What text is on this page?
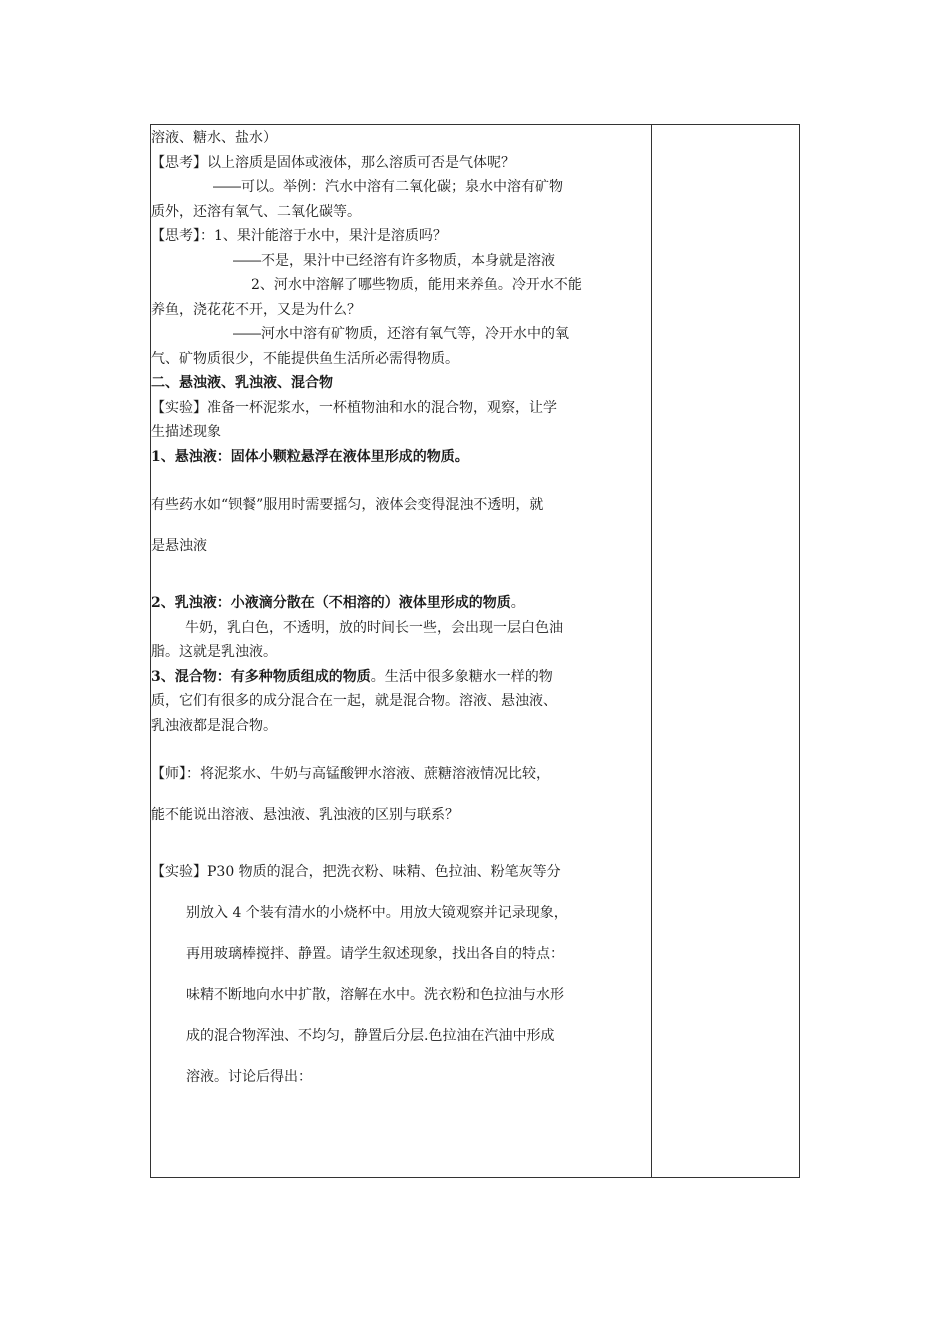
溶液、糖水、盐水）

【思考】以上溶质是固体或液体，那么溶质可否是气体呢？

――可以。举例：汽水中溶有二氧化碳；泉水中溶有矿物

质外，还溶有氧气、二氧化碳等。

【思考】：1、果汁能溶于水中，果汁是溶质吗？

――不是，果汁中已经溶有许多物质，本身就是溶液

2、河水中溶解了哪些物质，能用来养鱼。冷开水不能

养鱼，浇花花不开，又是为什么？

――河水中溶有矿物质，还溶有氧气等，冷开水中的氧

气、矿物质很少，不能提供鱼生活所必需得物质。

二、悬浊液、乳浊液、混合物

【实验】准备一杯泥浆水，一杯植物油和水的混合物，观察，让学

生描述现象

1、悬浊液：固体小颗粒悬浮在液体里形成的物质。

有些药水如“钡餐”服用时需要摇匀，液体会变得混浊不透明，就

是悬浊液

2、乳浊液：小液滴分散在（不相溶的）液体里形成的物质。

牛奶，乳白色，不透明，放的时间长一些，会出现一层白色油

脂。这就是乳浊液。

3、混合物：有多种物质组成的物质。生活中很多象糖水一样的物

质，它们有很多的成分混合在一起，就是混合物。溶液、悬浊液、

乳浊液都是混合物。

【师】：将泥浆水、牛奶与高锰酸钾水溶液、蔗糖溶液情况比较，

能不能说出溶液、悬浊液、乳浊液的区别与联系？

【实验】P30 物质的混合，把洗衣粉、味精、色拉油、粉笔灰等分

别放入 4 个装有清水的小烧杯中。用放大镜观察并记录现象，

再用玻璃棒搅拌、静置。请学生叙述现象，找出各自的特点：

味精不断地向水中扩散，溶解在水中。洗衣粉和色拉油与水形

成的混合物浑浊、不均匀，静置后分层.色拉油在汽油中形成

溶液。讨论后得出：
